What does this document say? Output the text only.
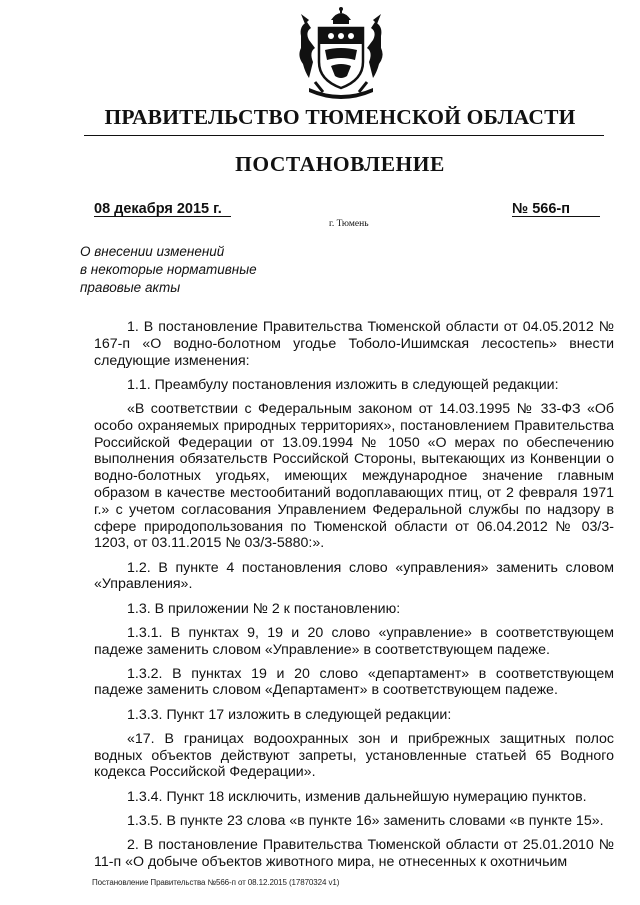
ПРАВИТЕЛЬСТВО ТЮМЕНСКОЙ ОБЛАСТИ
ПОСТАНОВЛЕНИЕ
08 декабря 2015 г.	№ 566-п
г. Тюмень
О внесении изменений
в некоторые нормативные
правовые акты

1. В постановление Правительства Тюменской области от 04.05.2012 № 167-п «О водно-болотном угодье Тоболо-Ишимская лесостепь» внести следующие изменения:

1.1. Преамбулу постановления изложить в следующей редакции:

«В соответствии с Федеральным законом от 14.03.1995 № 33-ФЗ «Об особо охраняемых природных территориях», постановлением Правительства Российской Федерации от 13.09.1994 № 1050 «О мерах по обеспечению выполнения обязательств Российской Стороны, вытекающих из Конвенции о водно-болотных угодьях, имеющих международное значение главным образом в качестве местообитаний водоплавающих птиц, от 2 февраля 1971 г.» с учетом согласования Управлением Федеральной службы по надзору в сфере природопользования по Тюменской области от 06.04.2012 № 03/3-1203, от 03.11.2015 № 03/3-5880:».

1.2. В пункте 4 постановления слово «управления» заменить словом «Управления».

1.3. В приложении № 2 к постановлению:

1.3.1. В пунктах 9, 19 и 20 слово «управление» в соответствующем падеже заменить словом «Управление» в соответствующем падеже.

1.3.2. В пунктах 19 и 20 слово «департамент» в соответствующем падеже заменить словом «Департамент» в соответствующем падеже.

1.3.3. Пункт 17 изложить в следующей редакции:

«17. В границах водоохранных зон и прибрежных защитных полос водных объектов действуют запреты, установленные статьей 65 Водного кодекса Российской Федерации».

1.3.4. Пункт 18 исключить, изменив дальнейшую нумерацию пунктов.

1.3.5. В пункте 23 слова «в пункте 16» заменить словами «в пункте 15».

2. В постановление Правительства Тюменской области от 25.01.2010 № 11-п «О добыче объектов животного мира, не отнесенных к охотничьим

Постановление Правительства №566-п от 08.12.2015 (17870324 v1)
